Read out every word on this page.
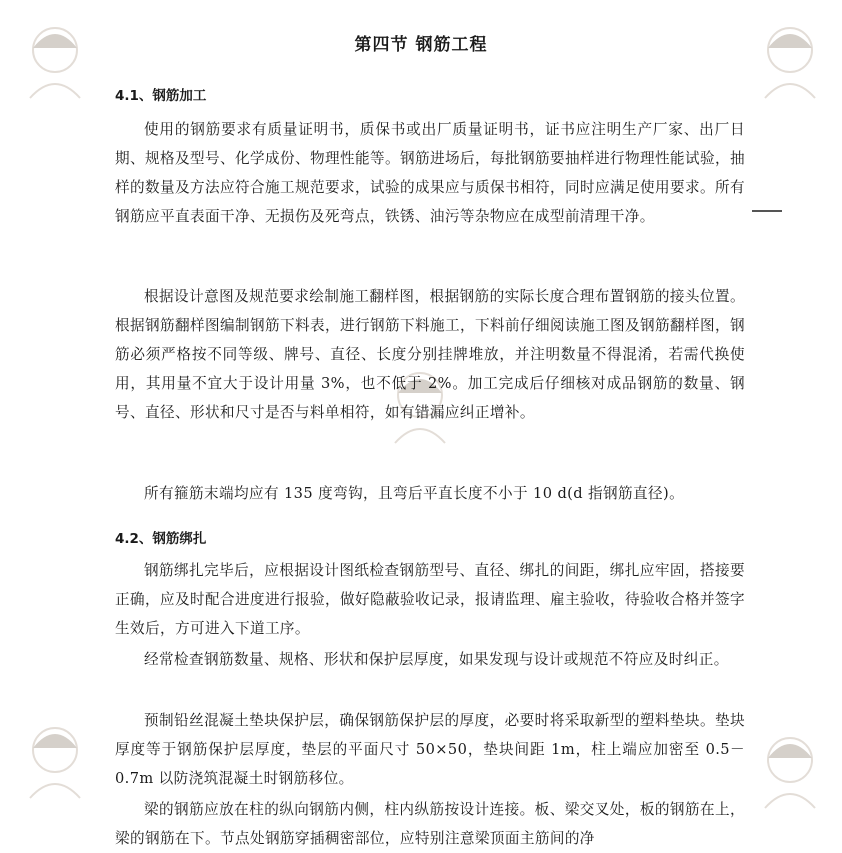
第四节 钢筋工程
4.1、钢筋加工

使用的钢筋要求有质量证明书，质保书或出厂质量证明书，证书应注明生产厂家、出厂日期、规格及型号、化学成份、物理性能等。钢筋进场后，每批钢筋要抽样进行物理性能试验，抽样的数量及方法应符合施工规范要求，试验的成果应与质保书相符，同时应满足使用要求。所有钢筋应平直表面干净、无损伤及死弯点，铁锈、油污等杂物应在成型前清理干净。

根据设计意图及规范要求绘制施工翻样图，根据钢筋的实际长度合理布置钢筋的接头位置。根据钢筋翻样图编制钢筋下料表，进行钢筋下料施工，下料前仔细阅读施工图及钢筋翻样图，钢筋必须严格按不同等级、牌号、直径、长度分别挂牌堆放，并注明数量不得混淆，若需代换使用，其用量不宜大于设计用量 3%，也不低于 2%。加工完成后仔细核对成品钢筋的数量、钢号、直径、形状和尺寸是否与料单相符，如有错漏应纠正增补。

所有箍筋末端均应有 135 度弯钩，且弯后平直长度不小于 10 d(d 指钢筋直径)。

4.2、钢筋绑扎

钢筋绑扎完毕后，应根据设计图纸检查钢筋型号、直径、绑扎的间距，绑扎应牢固，搭接要正确，应及时配合进度进行报验，做好隐蔽验收记录，报请监理、雇主验收，待验收合格并签字生效后，方可进入下道工序。

经常检查钢筋数量、规格、形状和保护层厚度，如果发现与设计或规范不符应及时纠正。

预制铅丝混凝土垫块保护层，确保钢筋保护层的厚度，必要时将采取新型的塑料垫块。垫块厚度等于钢筋保护层厚度，垫层的平面尺寸 50×50，垫块间距 1m，柱上端应加密至 0.5－0.7m 以防浇筑混凝土时钢筋移位。

梁的钢筋应放在柱的纵向钢筋内侧，柱内纵筋按设计连接。板、梁交叉处，板的钢筋在上，梁的钢筋在下。节点处钢筋穿插稠密部位，应特别注意梁顶面主筋间的净
